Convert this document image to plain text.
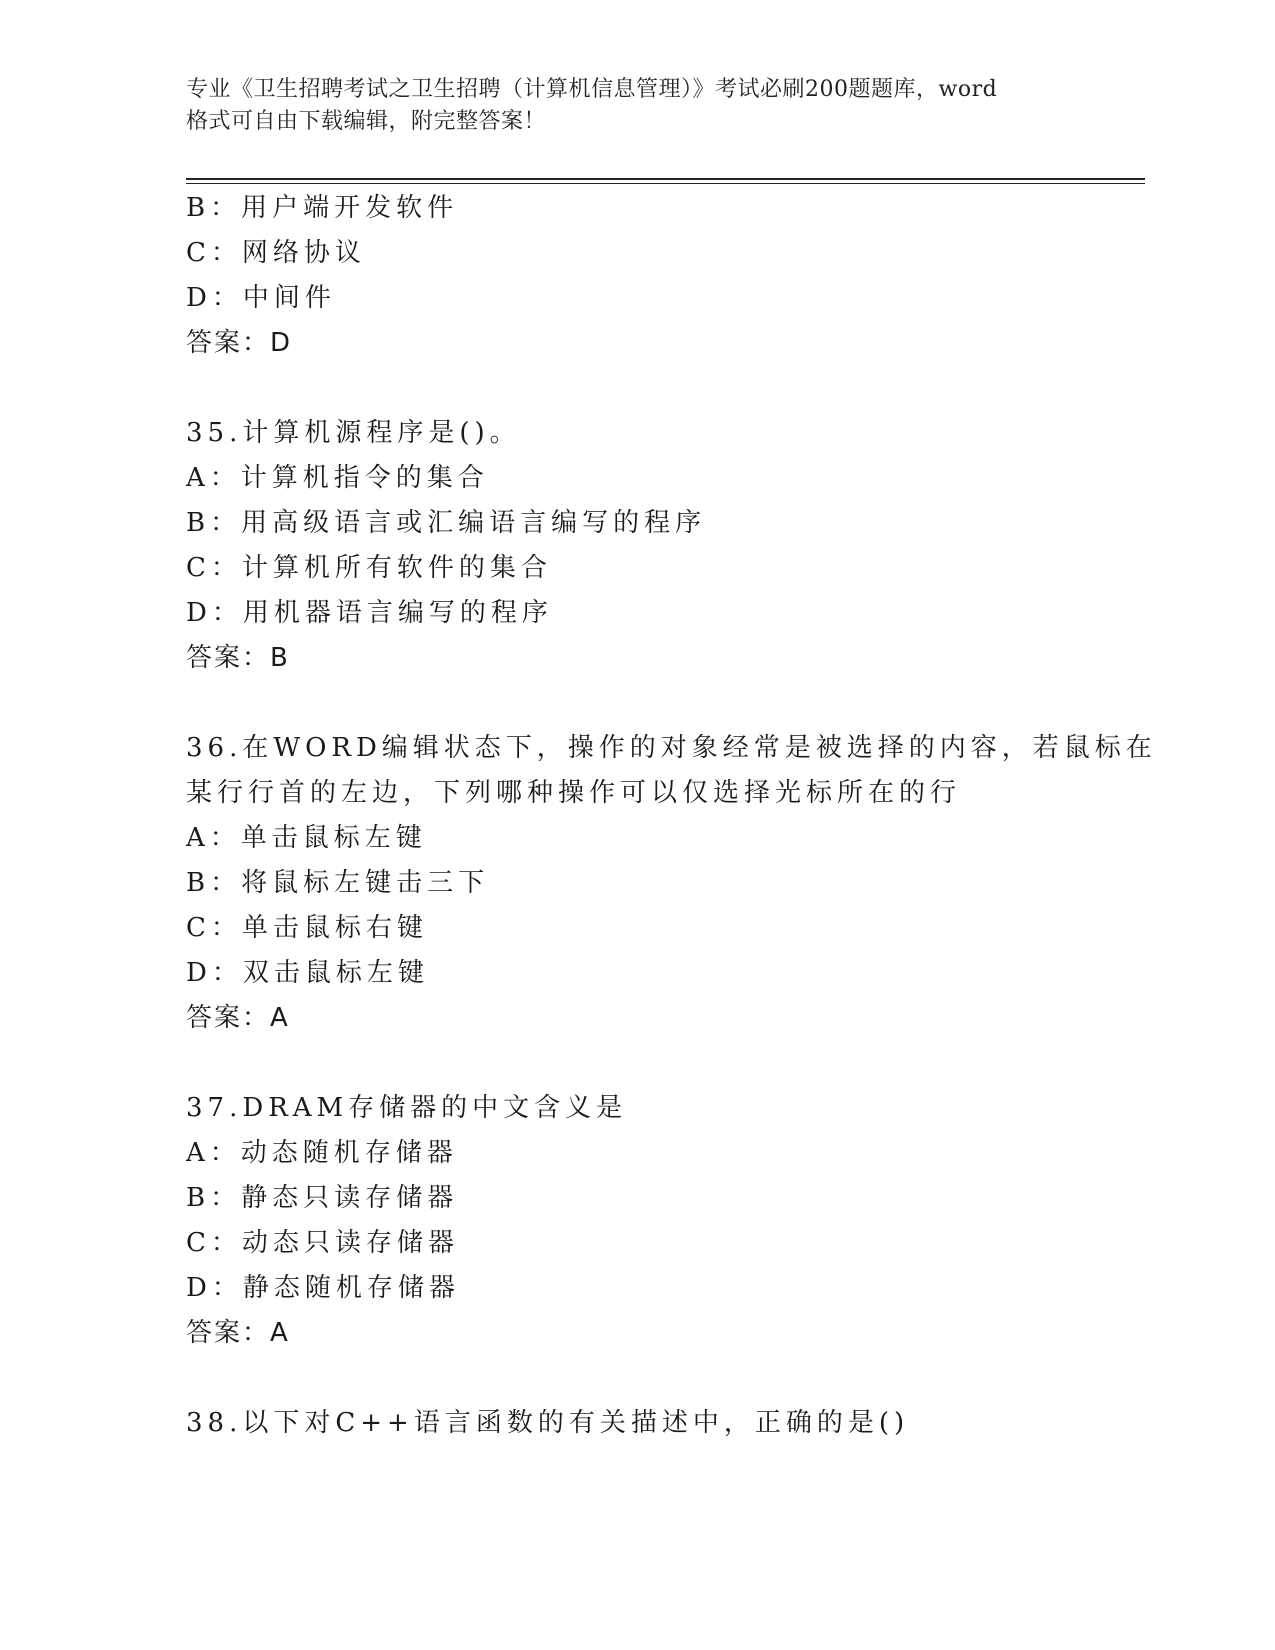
专业《卫生招聘考试之卫生招聘（计算机信息管理）》考试必刷200题题库，word
格式可自由下载编辑，附完整答案！
B：用户端开发软件
C：网络协议
D：中间件
答案：D
35.计算机源程序是()。
A：计算机指令的集合
B：用高级语言或汇编语言编写的程序
C：计算机所有软件的集合
D：用机器语言编写的程序
答案：B
36.在WORD编辑状态下，操作的对象经常是被选择的内容，若鼠标在
某行行首的左边，下列哪种操作可以仅选择光标所在的行
A：单击鼠标左键
B：将鼠标左键击三下
C：单击鼠标右键
D：双击鼠标左键
答案：A
37.DRAM存储器的中文含义是
A：动态随机存储器
B：静态只读存储器
C：动态只读存储器
D：静态随机存储器
答案：A
38.以下对C++语言函数的有关描述中，正确的是()
